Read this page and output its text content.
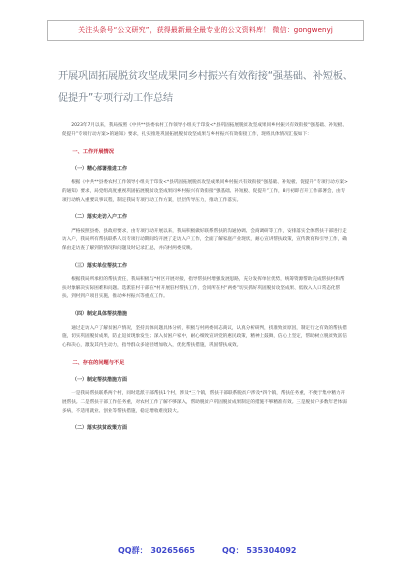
关注头条号“公文研究”，获得最新最全最专业的公文资料库！ 微信：gongwenyj
开展巩固拓展脱贫攻坚成果同乡村振兴有效衔接“强基础、补短板、促提升”专项行动工作总结

2023年7月以来，我局按照《中共**县委农村工作领导小组关于印发<*县巩固拓展脱贫攻坚成果同乡村振兴有效衔接“强基础、补短板、促提升”专项行动方案>的通知》要求，扎实推进巩固拓展脱贫攻坚成果与乡村振兴有效衔接工作，现将具体情况汇报如下：

一、工作开展情况
（一）精心部署推进工作

根据《中共**县委农村工作领导小组关于印发<*县巩固拓展脱贫攻坚成果同乡村振兴有效衔接“强基础、补短板、促提升”专项行动方案>的通知》要求，局党组高度重视巩固拓展脱贫攻坚成果同乡村振兴有效衔接“强基础、补短板、促提升”工作，8月初即召开工作部署会，由专项行动纳入重要议事议程，制定我局专项行动工作方案，层层传导压力，推动工作落实。

（二）落实走访入户工作

严格按照县委、县政府要求，由专项行动开展以来，我局积极做好联系帮扶的沟通协调、会商调研等工作，安排落实全体帮扶干部进行走访入户，我局所有帮扶联系人员专项行动期间均开展了走访入户工作，全面了解家庭产业现状，耐心宣讲帮扶政策，宣传教育和引导工作，确保由走访查了解到的情况和问题及时记录汇总，并向村两委反映。

（三）落实单位帮扶工作

根据我局所承担的帮扶责任，我局积极与*村区开展对接，指导帮扶村增强发展思路，充分发挥单位优势，统筹资源帮助完成帮扶村和帮扶对象解决实际困难和问题。选派驻村干部在*村开展驻村帮扶工作，会同所在村“两委”切实抓好巩固脱贫攻坚成果、低收入人口常态化帮扶、到村到户项目实施，推动乡村振兴等重点工作。

（四）制定具体帮扶措施

通过走访入户了解贫困户情况，坚持具体问题具体分析，积极与村两委同志商议，认真分析研判，找准致贫原因，制定行之有效的帮扶措施，切实巩固脱贫成果，防止返贫现象发生；深入贫困户家中，耐心细致宣讲党的惠民政策，精神上鼓舞，信心上坚定，帮助树立脱贫致富信心和决心，激发其内生动力，指导群众多途径增加收入，优化帮扶措施，巩固帮扶成效。

二、存在的问题与不足
（一）制定帮扶措施方面

一是我局帮扶联系两个村，同时选派干部帮扶1个村，涉及*三个镇，帮扶干部联系脱贫户涉及*四个镇，帮扶任务重，不便于集中精力开展帮扶。二是帮扶干部工作任务重，对农村工作了解不够深入，帮助脱贫户巩固脱贫成果制定的措施不够精准有效。三是脱贫户多数年老体弱多病，不适用就业、创业等帮扶措施，稳定增收难度较大。

（二）落实扶贫政策方面
QQ群： 30265665	QQ： 535304092
